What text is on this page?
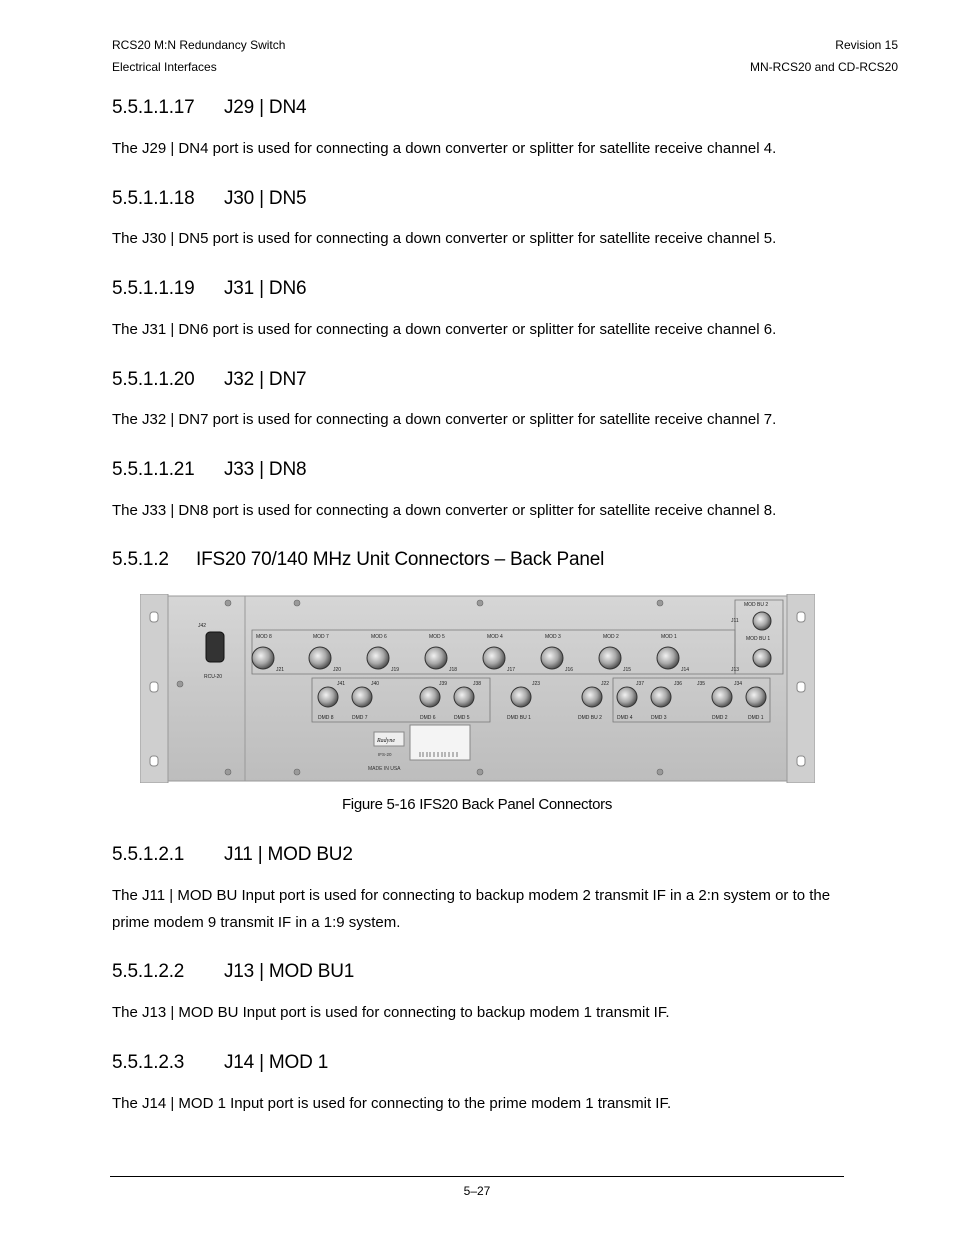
RCS20 M:N Redundancy Switch
Electrical Interfaces
Revision 15
MN-RCS20 and CD-RCS20
5.5.1.1.17 J29 | DN4

The J29 | DN4 port is used for connecting a down converter or splitter for satellite receive channel 4.

5.5.1.1.18 J30 | DN5

The J30 | DN5 port is used for connecting a down converter or splitter for satellite receive channel 5.

5.5.1.1.19 J31 | DN6

The J31 | DN6 port is used for connecting a down converter or splitter for satellite receive channel 6.

5.5.1.1.20 J32 | DN7

The J32 | DN7 port is used for connecting a down converter or splitter for satellite receive channel 7.

5.5.1.1.21 J33 | DN8

The J33 | DN8 port is used for connecting a down converter or splitter for satellite receive channel 8.

5.5.1.2 IFS20 70/140 MHz Unit Connectors – Back Panel
J42
RCU-20
MOD BU 2
J11
MOD BU 1
J13
MOD 8
J21
MOD 7
J20
MOD 6
J19
MOD 5
J18
MOD 4
J17
MOD 3
J16
MOD 2
J15
MOD 1
J14
J41
DMD 8
J40
DMD 7
J39
DMD 6
J38
DMD 5
J23
DMD BU 1
J22
DMD BU 2
J37
DMD 4
J36
DMD 3
J35
DMD 2
J34
DMD 1
Radyne
IFS-20
MADE IN USA
Figure 5-16 IFS20 Back Panel Connectors
5.5.1.2.1 J11 | MOD BU2

The J11 | MOD BU Input port is used for connecting to backup modem 2 transmit IF in a 2:n system or to the prime modem 9 transmit IF in a 1:9 system.

5.5.1.2.2 J13 | MOD BU1

The J13 | MOD BU Input port is used for connecting to backup modem 1 transmit IF.

5.5.1.2.3 J14 | MOD 1

The J14 | MOD 1 Input port is used for connecting to the prime modem 1 transmit IF.

5–27
